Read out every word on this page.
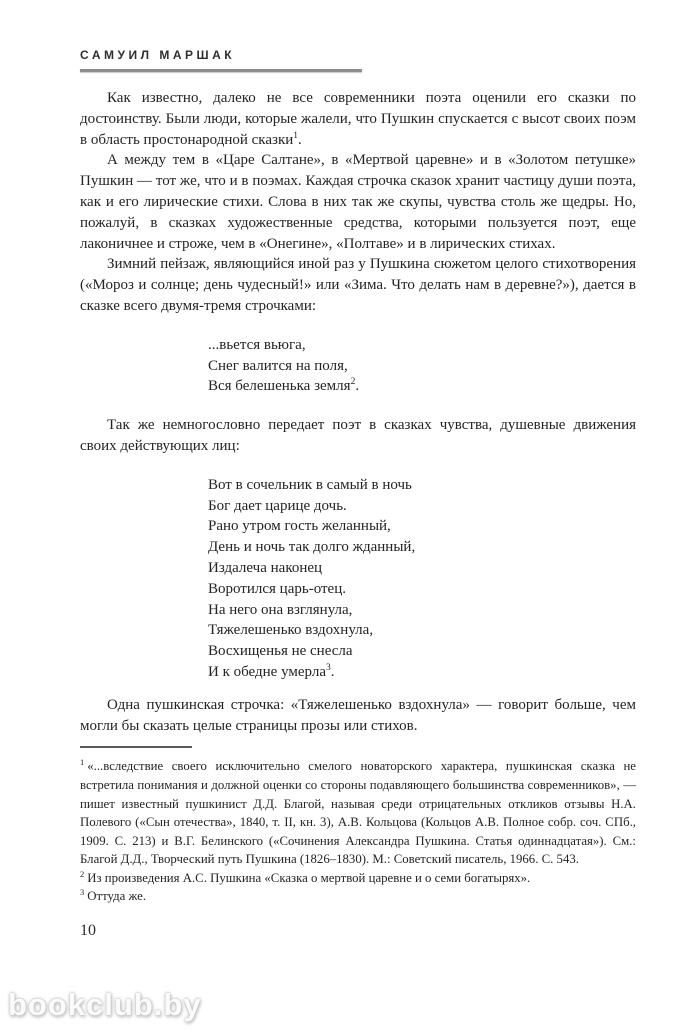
САМУИЛ МАРШАК

Как известно, далеко не все современники поэта оценили его сказки по достоинству. Были люди, которые жалели, что Пушкин спускается с высот своих поэм в область простонародной сказки$^1$.

А между тем в «Царе Салтане», в «Мертвой царевне» и в «Золотом петушке» Пушкин — тот же, что и в поэмах. Каждая строчка сказок хранит частицу души поэта, как и его лирические стихи. Слова в них так же скупы, чувства столь же щедры. Но, пожалуй, в сказках художественные средства, которыми пользуется поэт, еще лаконичнее и строже, чем в «Онегине», «Полтаве» и в лирических стихах.

Зимний пейзаж, являющийся иной раз у Пушкина сюжетом целого стихотворения («Мороз и солнце; день чудесный!» или «Зима. Что делать нам в деревне?»), дается в сказке всего двумя-тремя строчками:

...вьется вьюга,
Снег валится на поля,
Вся белешенька земля$^2$.

Так же немногословно передает поэт в сказках чувства, душевные движения своих действующих лиц:

Вот в сочельник в самый в ночь
Бог дает царице дочь.
Рано утром гость желанный,
День и ночь так долго жданный,
Издалеча наконец
Воротился царь-отец.
На него она взглянула,
Тяжелешенько вздохнула,
Восхищенья не снесла
И к обедне умерла$^3$.

Одна пушкинская строчка: «Тяжелешенько вздохнула» — говорит больше, чем могли бы сказать целые страницы прозы или стихов.

$^1$ «...вследствие своего исключительно смелого новаторского характера, пушкинская сказка не встретила понимания и должной оценки со стороны подавляющего большинства современников», — пишет известный пушкинист Д.Д. Благой, называя среди отрицательных откликов отзывы Н.А. Полевого («Сын отечества», 1840, т. II, кн. 3), А.В. Кольцова (Кольцов А.В. Полное собр. соч. СПб., 1909. С. 213) и В.Г. Белинского («Сочинения Александра Пушкина. Статья одиннадцатая»). См.: Благой Д.Д., Творческий путь Пушкина (1826–1830). М.: Советский писатель, 1966. С. 543.

$^2$ Из произведения А.С. Пушкина «Сказка о мертвой царевне и о семи богатырях».

$^3$ Оттуда же.

10
bookclub.by
